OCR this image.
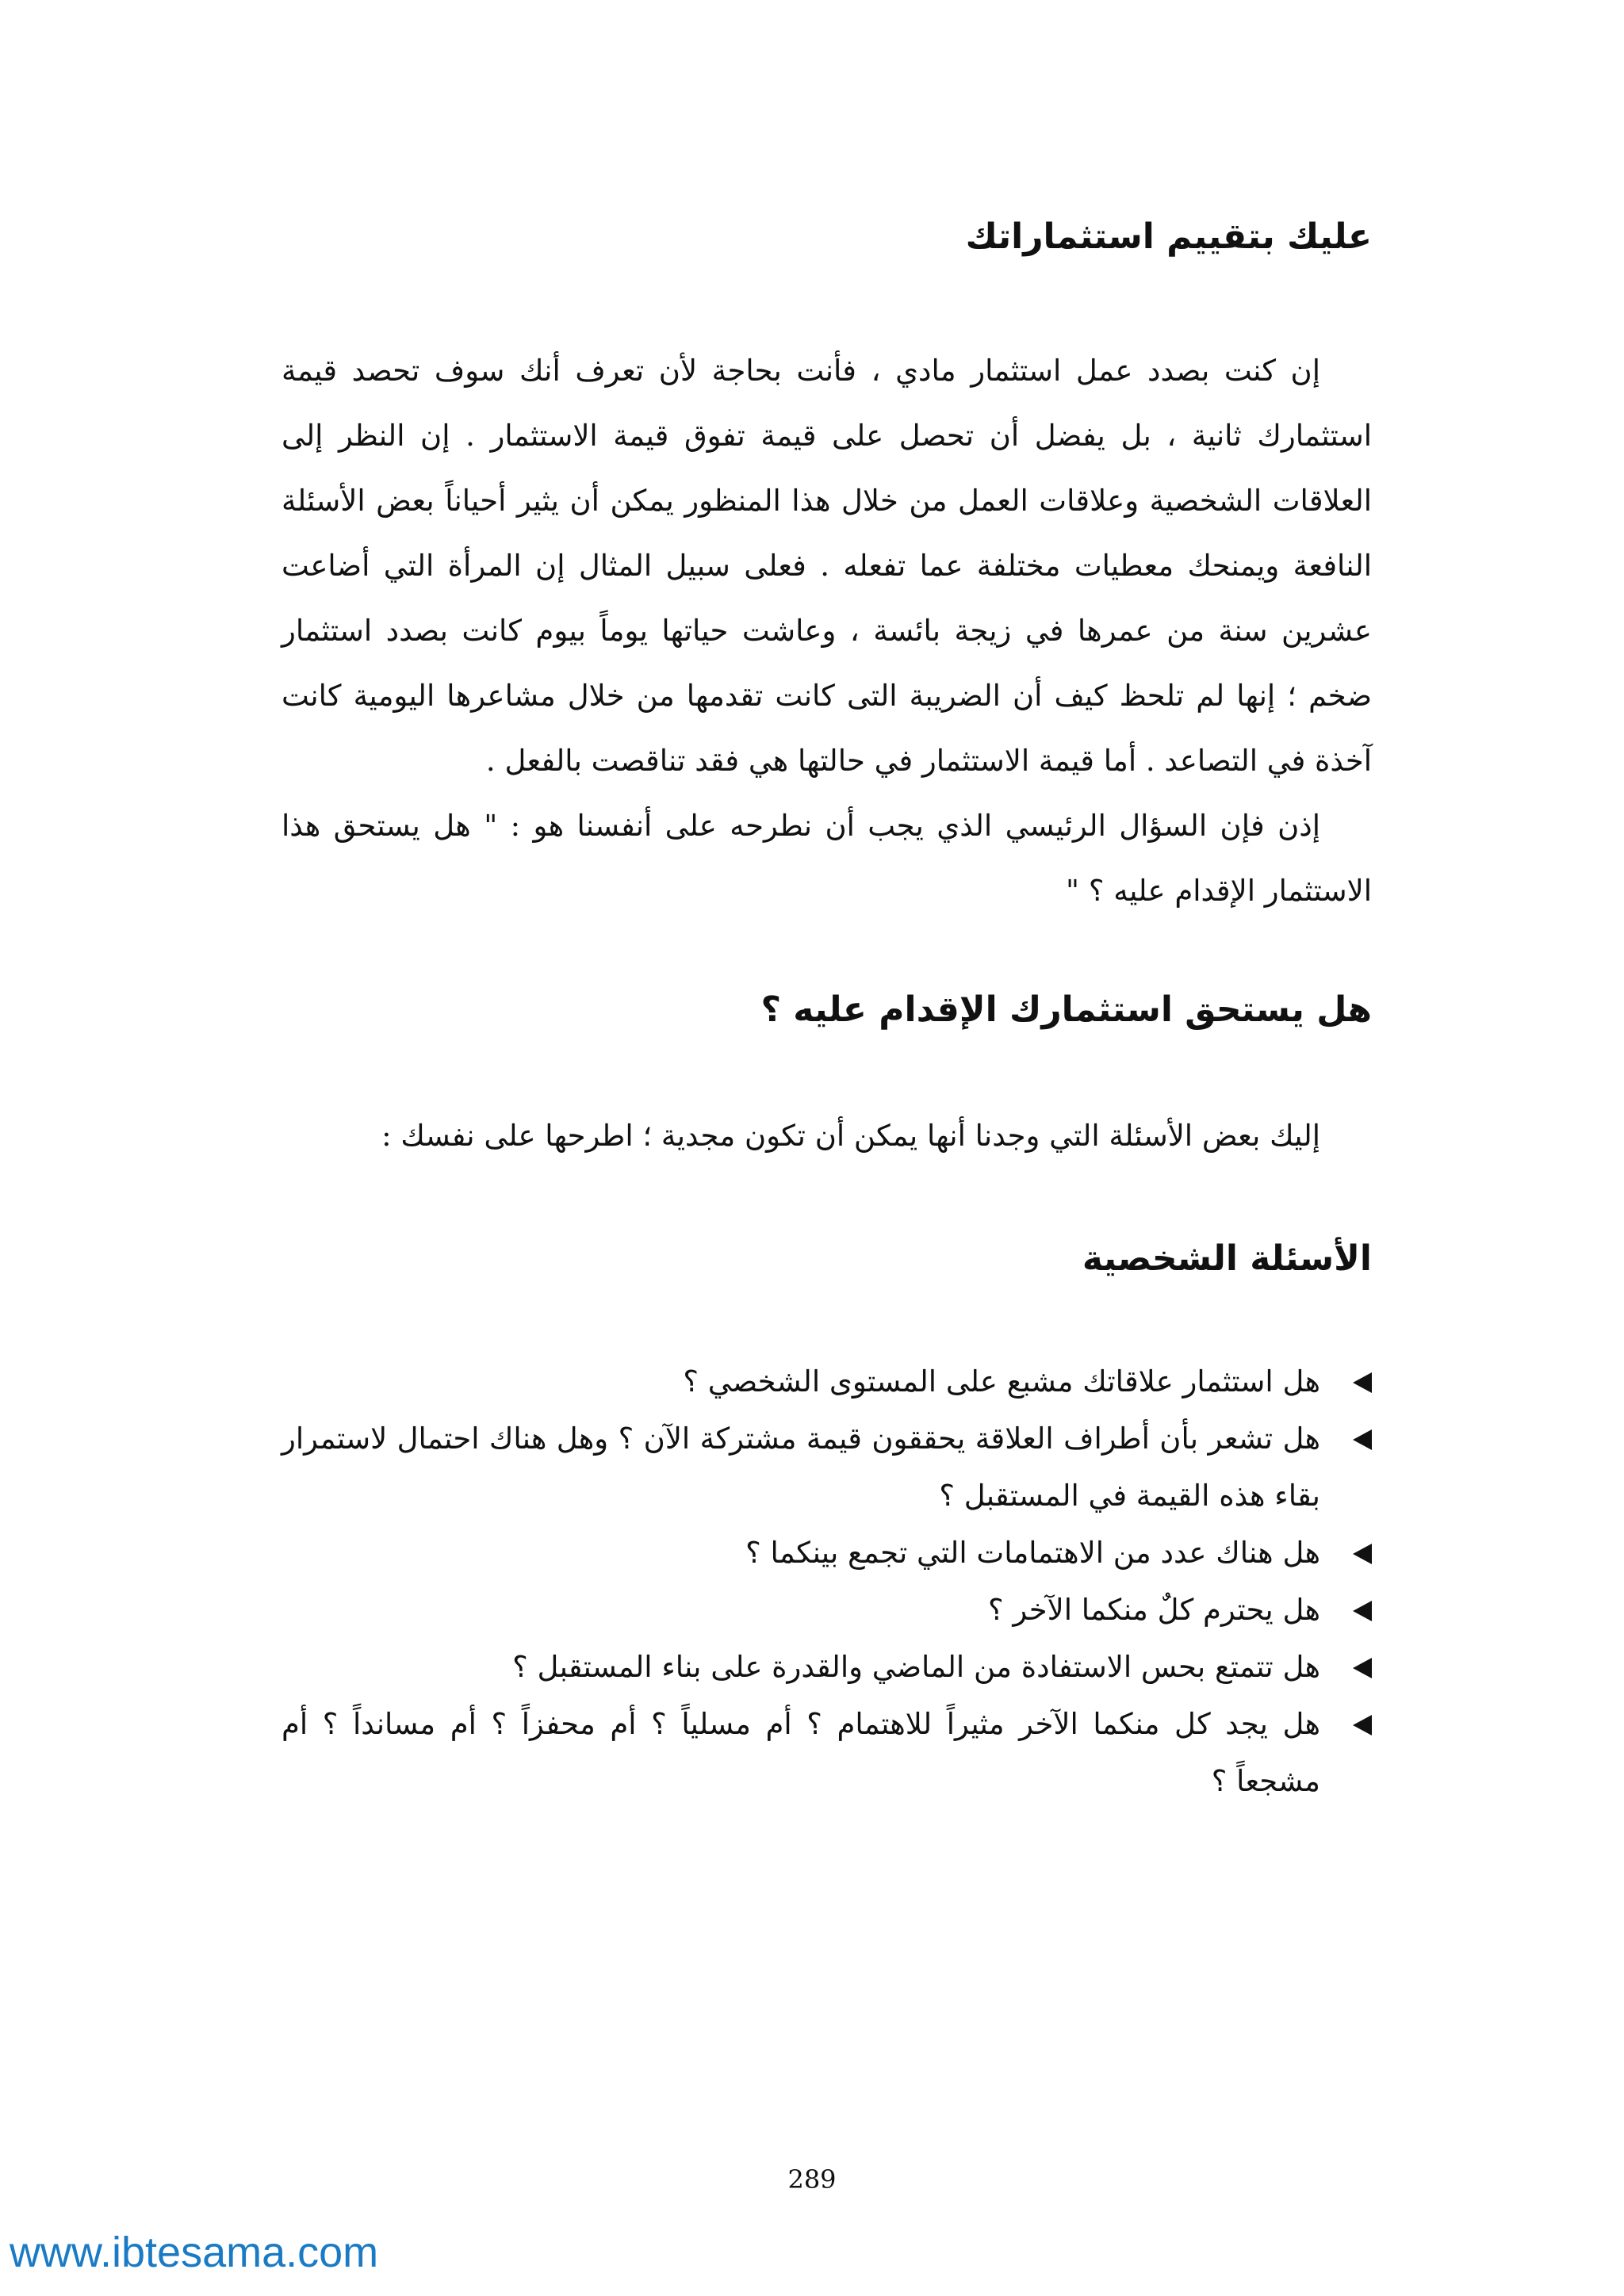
عليك بتقييم استثماراتك

إن كنت بصدد عمل استثمار مادي ، فأنت بحاجة لأن تعرف أنك سوف تحصد قيمة استثمارك ثانية ، بل يفضل أن تحصل على قيمة تفوق قيمة الاستثمار . إن النظر إلى العلاقات الشخصية وعلاقات العمل من خلال هذا المنظور يمكن أن يثير أحياناً بعض الأسئلة النافعة ويمنحك معطيات مختلفة عما تفعله . فعلى سبيل المثال إن المرأة التي أضاعت عشرين سنة من عمرها في زيجة بائسة ، وعاشت حياتها يوماً بيوم كانت بصدد استثمار ضخم ؛ إنها لم تلحظ كيف أن الضريبة التى كانت تقدمها من خلال مشاعرها اليومية كانت آخذة في التصاعد . أما قيمة الاستثمار في حالتها هي فقد تناقصت بالفعل .

إذن فإن السؤال الرئيسي الذي يجب أن نطرحه على أنفسنا هو : " هل يستحق هذا الاستثمار الإقدام عليه ؟ "

هل يستحق استثمارك الإقدام عليه ؟

إليك بعض الأسئلة التي وجدنا أنها يمكن أن تكون مجدية ؛ اطرحها على نفسك :

الأسئلة الشخصية
هل استثمار علاقاتك مشبع على المستوى الشخصي ؟
هل تشعر بأن أطراف العلاقة يحققون قيمة مشتركة الآن ؟ وهل هناك احتمال لاستمرار بقاء هذه القيمة في المستقبل ؟
هل هناك عدد من الاهتمامات التي تجمع بينكما ؟
هل يحترم كلٌ منكما الآخر ؟
هل تتمتع بحس الاستفادة من الماضي والقدرة على بناء المستقبل ؟
هل يجد كل منكما الآخر مثيراً للاهتمام ؟ أم مسلياً ؟ أم محفزاً ؟ أم مسانداً ؟ أم مشجعاً ؟
289
www.ibtesama.com
